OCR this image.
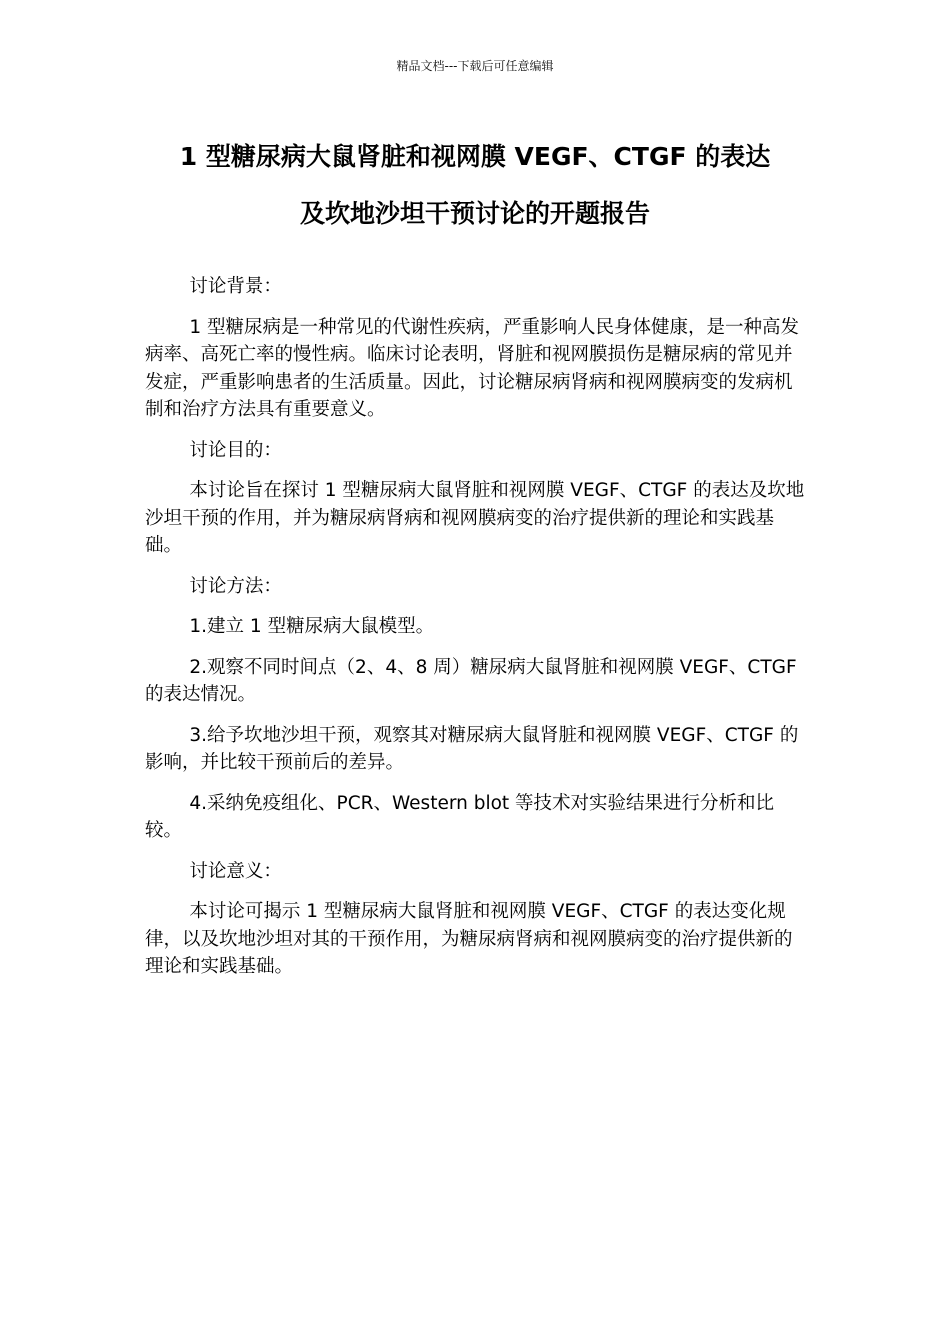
精品文档---下载后可任意编辑
1 型糖尿病大鼠肾脏和视网膜 VEGF、CTGF 的表达
及坎地沙坦干预讨论的开题报告

讨论背景：

1 型糖尿病是一种常见的代谢性疾病，严重影响人民身体健康，是一种高发病率、高死亡率的慢性病。临床讨论表明，肾脏和视网膜损伤是糖尿病的常见并发症，严重影响患者的生活质量。因此，讨论糖尿病肾病和视网膜病变的发病机制和治疗方法具有重要意义。

讨论目的：

本讨论旨在探讨 1 型糖尿病大鼠肾脏和视网膜 VEGF、CTGF 的表达及坎地沙坦干预的作用，并为糖尿病肾病和视网膜病变的治疗提供新的理论和实践基础。

讨论方法：

1.建立 1 型糖尿病大鼠模型。

2.观察不同时间点（2、4、8 周）糖尿病大鼠肾脏和视网膜 VEGF、CTGF 的表达情况。

3.给予坎地沙坦干预，观察其对糖尿病大鼠肾脏和视网膜 VEGF、CTGF 的影响，并比较干预前后的差异。

4.采纳免疫组化、PCR、Western blot 等技术对实验结果进行分析和比较。

讨论意义：

本讨论可揭示 1 型糖尿病大鼠肾脏和视网膜 VEGF、CTGF 的表达变化规律，以及坎地沙坦对其的干预作用，为糖尿病肾病和视网膜病变的治疗提供新的理论和实践基础。
